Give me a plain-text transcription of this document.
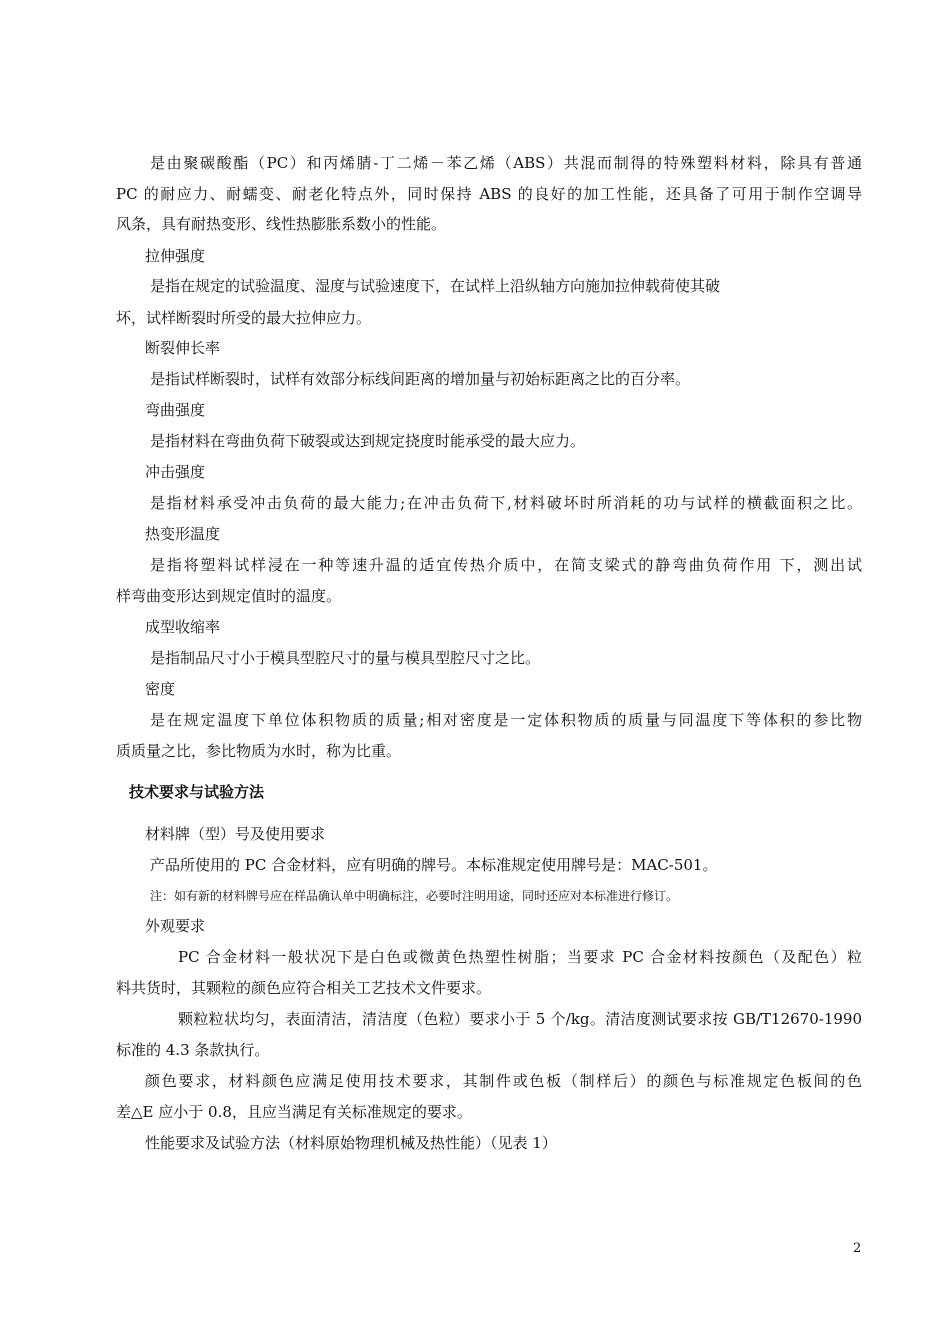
是由聚碳酸酯（PC）和丙烯腈-丁二烯－苯乙烯（ABS）共混而制得的特殊塑料材料，除具有普通

PC 的耐应力、耐蠕变、耐老化特点外，同时保持 ABS 的良好的加工性能，还具备了可用于制作空调导

风条，具有耐热变形、线性热膨胀系数小的性能。

拉伸强度

是指在规定的试验温度、湿度与试验速度下，在试样上沿纵轴方向施加拉伸载荷使其破

坏，试样断裂时所受的最大拉伸应力。

断裂伸长率

是指试样断裂时，试样有效部分标线间距离的增加量与初始标距离之比的百分率。

弯曲强度

是指材料在弯曲负荷下破裂或达到规定挠度时能承受的最大应力。

冲击强度

是指材料承受冲击负荷的最大能力;在冲击负荷下,材料破坏时所消耗的功与试样的横截面积之比。

热变形温度

是指将塑料试样浸在一种等速升温的适宜传热介质中，在简支梁式的静弯曲负荷作用 下，测出试

样弯曲变形达到规定值时的温度。

成型收缩率

是指制品尺寸小于模具型腔尺寸的量与模具型腔尺寸之比。

密度

是在规定温度下单位体积物质的质量;相对密度是一定体积物质的质量与同温度下等体积的参比物

质质量之比，参比物质为水时，称为比重。

技术要求与试验方法

材料牌（型）号及使用要求

产品所使用的 PC 合金材料，应有明确的牌号。本标准规定使用牌号是：MAC-501。

注：如有新的材料牌号应在样品确认单中明确标注，必要时注明用途，同时还应对本标准进行修订。

外观要求

PC 合金材料一般状况下是白色或微黄色热塑性树脂；当要求 PC 合金材料按颜色（及配色）粒

料共货时，其颗粒的颜色应符合相关工艺技术文件要求。

颗粒粒状均匀，表面清洁，清洁度（色粒）要求小于 5 个/kg。清洁度测试要求按 GB/T12670-1990

标准的 4.3 条款执行。

颜色要求，材料颜色应满足使用技术要求，其制件或色板（制样后）的颜色与标准规定色板间的色

差△E 应小于 0.8，且应当满足有关标准规定的要求。

性能要求及试验方法（材料原始物理机械及热性能）（见表 1）

2
